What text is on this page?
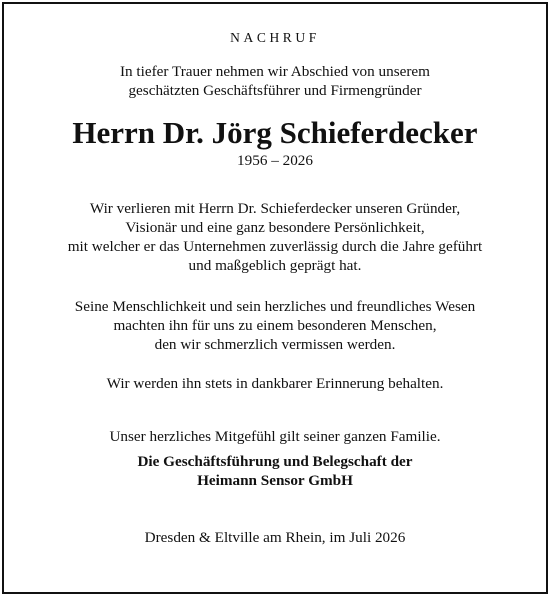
NACHRUF
In tiefer Trauer nehmen wir Abschied von unserem
geschätzten Geschäftsführer und Firmengründer
Herrn Dr. Jörg Schieferdecker
1956 – 2026
Wir verlieren mit Herrn Dr. Schieferdecker unseren Gründer,
Visionär und eine ganz besondere Persönlichkeit,
mit welcher er das Unternehmen zuverlässig durch die Jahre geführt
und maßgeblich geprägt hat.
Seine Menschlichkeit und sein herzliches und freundliches Wesen
machten ihn für uns zu einem besonderen Menschen,
den wir schmerzlich vermissen werden.
Wir werden ihn stets in dankbarer Erinnerung behalten.
Unser herzliches Mitgefühl gilt seiner ganzen Familie.
Die Geschäftsführung und Belegschaft der
Heimann Sensor GmbH
Dresden & Eltville am Rhein, im Juli 2026
